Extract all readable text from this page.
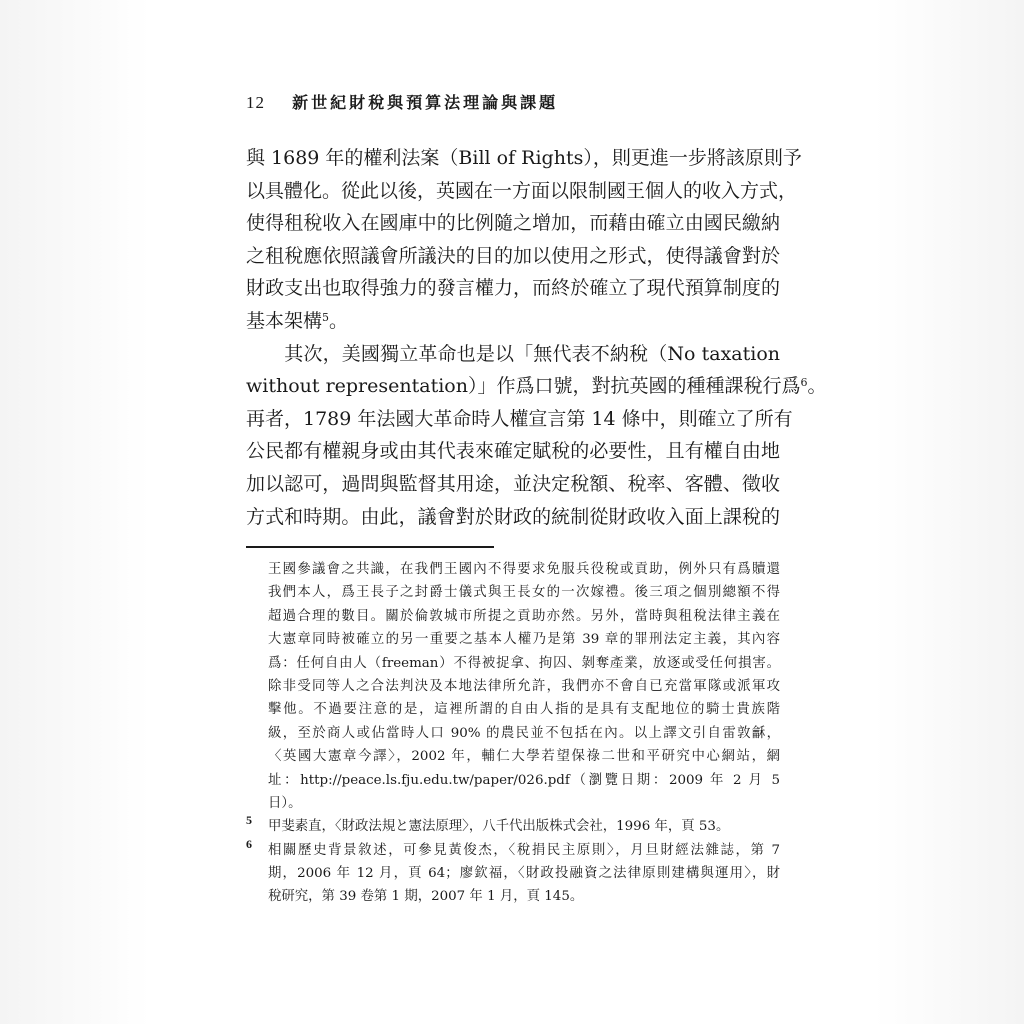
12 新世紀財稅與預算法理論與課題
與 1689 年的權利法案（Bill of Rights），則更進一步將該原則予
以具體化。從此以後，英國在一方面以限制國王個人的收入方式，
使得租稅收入在國庫中的比例隨之增加，而藉由確立由國民繳納
之租稅應依照議會所議決的目的加以使用之形式，使得議會對於
財政支出也取得強力的發言權力，而終於確立了現代預算制度的
基本架構$^5$。
　　其次，美國獨立革命也是以「無代表不納稅（No taxation
without representation）」作爲口號，對抗英國的種種課稅行爲$^6$。
再者，1789 年法國大革命時人權宣言第 14 條中，則確立了所有
公民都有權親身或由其代表來確定賦稅的必要性，且有權自由地
加以認可，過問與監督其用途，並決定稅額、稅率、客體、徵收
方式和時期。由此，議會對於財政的統制從財政收入面上課稅的
王國參議會之共識，在我們王國內不得要求免服兵役稅或貢助，例外只有爲贖還
我們本人，爲王長子之封爵士儀式與王長女的一次嫁禮。後三項之個別總額不得
超過合理的數目。關於倫敦城市所提之貢助亦然。另外，當時與租稅法律主義在
大憲章同時被確立的另一重要之基本人權乃是第 39 章的罪刑法定主義，其內容
爲：任何自由人（freeman）不得被捉拿、拘囚、剝奪產業，放逐或受任何損害。
除非受同等人之合法判決及本地法律所允許，我們亦不會自已充當軍隊或派軍攻
擊他。不過要注意的是，這裡所謂的自由人指的是具有支配地位的騎士貴族階
級，至於商人或佔當時人口 90% 的農民並不包括在內。以上譯文引自雷敦龢，
〈英國大憲章今譯〉，2002 年，輔仁大學若望保祿二世和平研究中心網站，網
址：http://peace.ls.fju.edu.tw/paper/026.pdf（瀏覽日期：2009 年 2 月 5
日）。
5 甲斐素直，〈財政法規と憲法原理〉，八千代出版株式会社，1996 年，頁 53。
6 相關歷史背景敘述，可參見黃俊杰，〈稅捐民主原則〉，月旦財經法雜誌，第 7
期，2006 年 12 月，頁 64；廖欽福，〈財政投融資之法律原則建構與運用〉，財
稅研究，第 39 卷第 1 期，2007 年 1 月，頁 145。
